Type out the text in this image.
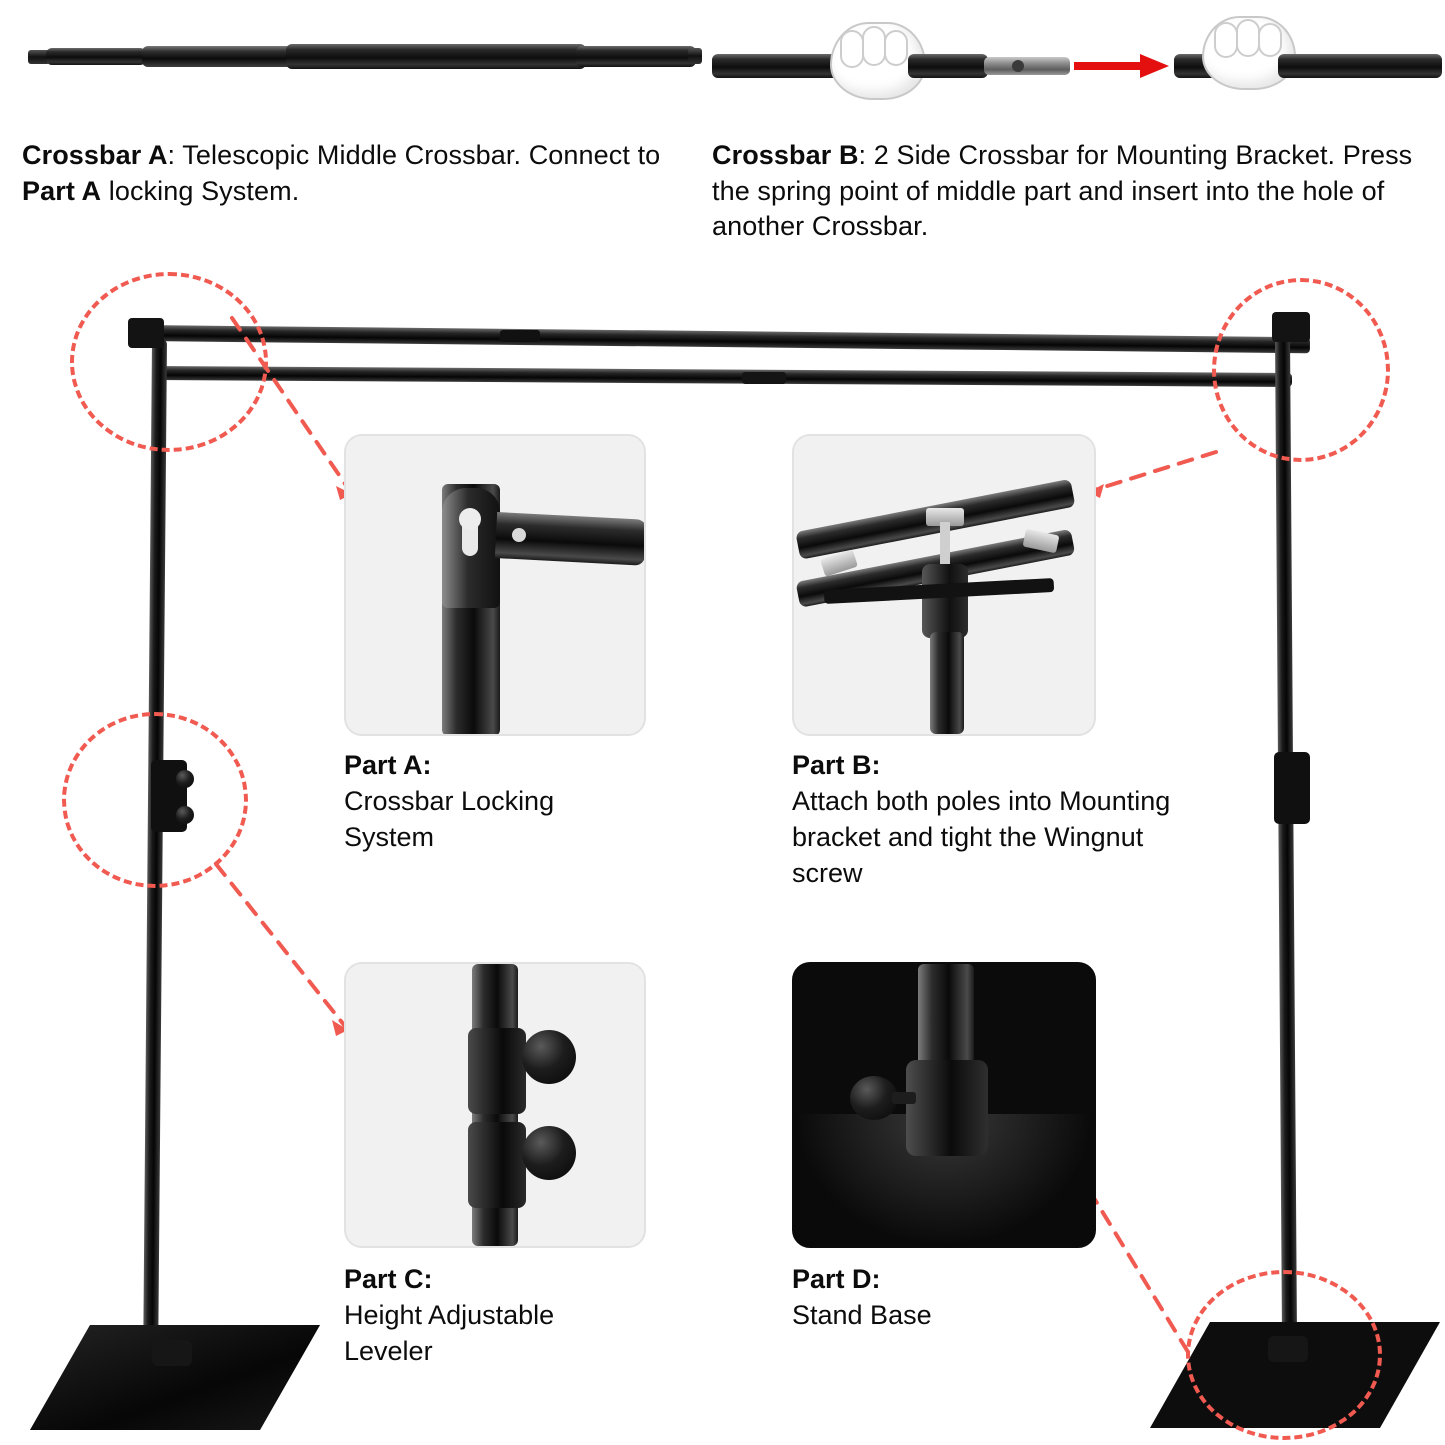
Crossbar A: Telescopic Middle Crossbar. Connect to Part A locking System.
Crossbar B: 2 Side Crossbar for Mounting Bracket. Press the spring point of middle part and insert into the hole of another Crossbar.
Part A:
Crossbar Locking System
Part B:
Attach both poles into Mounting bracket and tight the Wingnut screw
Part C:
Height Adjustable Leveler
Part D:
Stand Base
